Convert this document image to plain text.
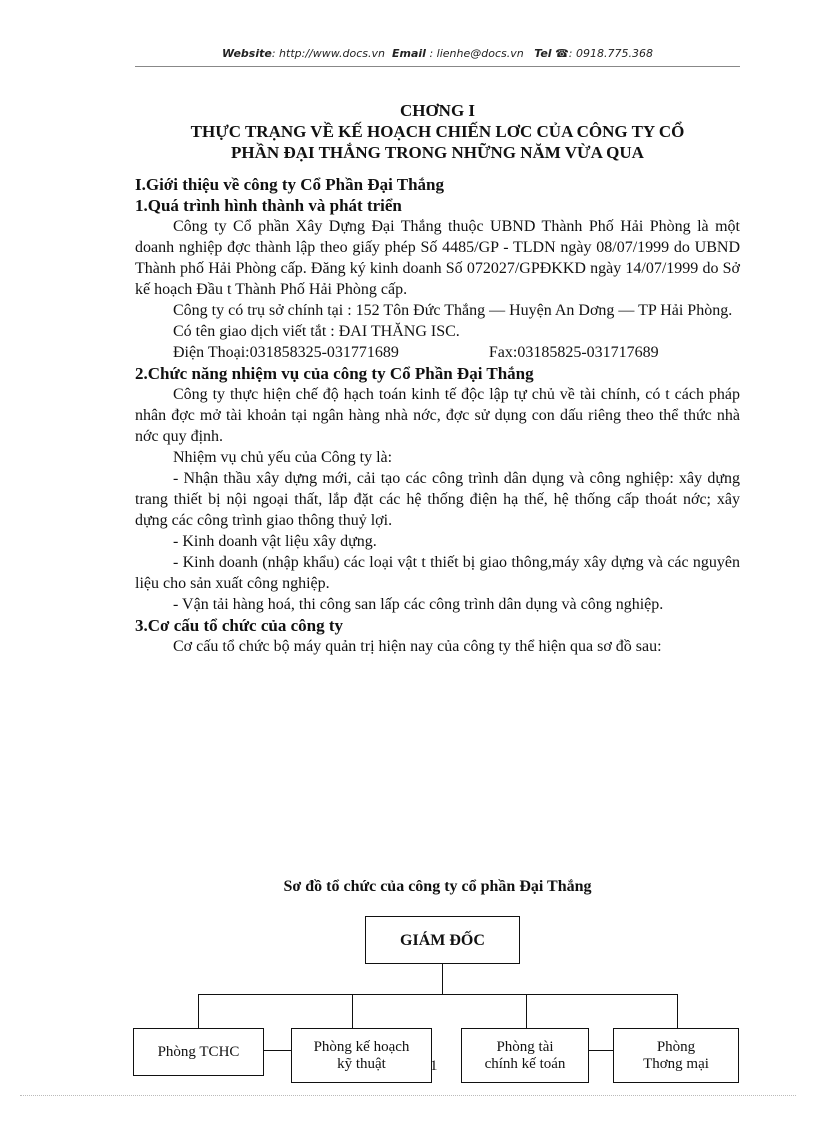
Website: http://www.docs.vn Email : lienhe@docs.vn Tel ☎: 0918.775.368
CHƠNG I
THỰC TRẠNG VỀ KẾ HOẠCH CHIẾN LƠC CỦA CÔNG TY CỔ
PHẦN ĐẠI THẮNG TRONG NHỮNG NĂM VỪA QUA

I.Giới thiệu về công ty Cổ Phần Đại Thắng

1.Quá trình hình thành và phát triển

Công ty Cổ phần Xây Dựng Đại Thắng thuộc UBND Thành Phố Hải Phòng là một doanh nghiệp đợc thành lập theo giấy phép Số 4485/GP - TLDN ngày 08/07/1999 do UBND Thành phố Hải Phòng cấp. Đăng ký kinh doanh Số 072027/GPĐKKD ngày 14/07/1999 do Sở kế hoạch Đầu t Thành Phố Hải Phòng cấp.

Công ty có trụ sở chính tại : 152 Tôn Đức Thắng — Huyện An Dơng — TP Hải Phòng.

Có tên giao dịch viết tắt : ĐAI THĂNG ISC.

Điện Thoại:031858325-031771689	Fax:03185825-031717689

2.Chức năng nhiệm vụ của công ty Cổ Phần Đại Thắng

Công ty thực hiện chế độ hạch toán kinh tế độc lập tự chủ về tài chính, có t cách pháp nhân đợc mở tài khoản tại ngân hàng nhà nớc, đợc sử dụng con dấu riêng theo thể thức nhà nớc quy định.

Nhiệm vụ chủ yếu của Công ty là:

- Nhận thầu xây dựng mới, cải tạo các công trình dân dụng và công nghiệp: xây dựng trang thiết bị nội ngoại thất, lắp đặt các hệ thống điện hạ thế, hệ thống cấp thoát nớc; xây dựng các công trình giao thông thuỷ lợi.

- Kinh doanh vật liệu xây dựng.

- Kinh doanh (nhập khẩu) các loại vật t thiết bị giao thông,máy xây dựng và các nguyên liệu cho sản xuất công nghiệp.

- Vận tải hàng hoá, thi công san lấp các công trình dân dụng và công nghiệp.

3.Cơ cấu tổ chức của công ty

Cơ cấu tổ chức bộ máy quản trị hiện nay của công ty thể hiện qua sơ đồ sau:

Sơ đồ tổ chức của công ty cổ phần Đại Thắng
GIÁM ĐỐC
Phòng TCHC	Phòng kế hoạch
kỹ thuật
Phòng tài
chính kế toán
Phòng
Thơng mại
1
